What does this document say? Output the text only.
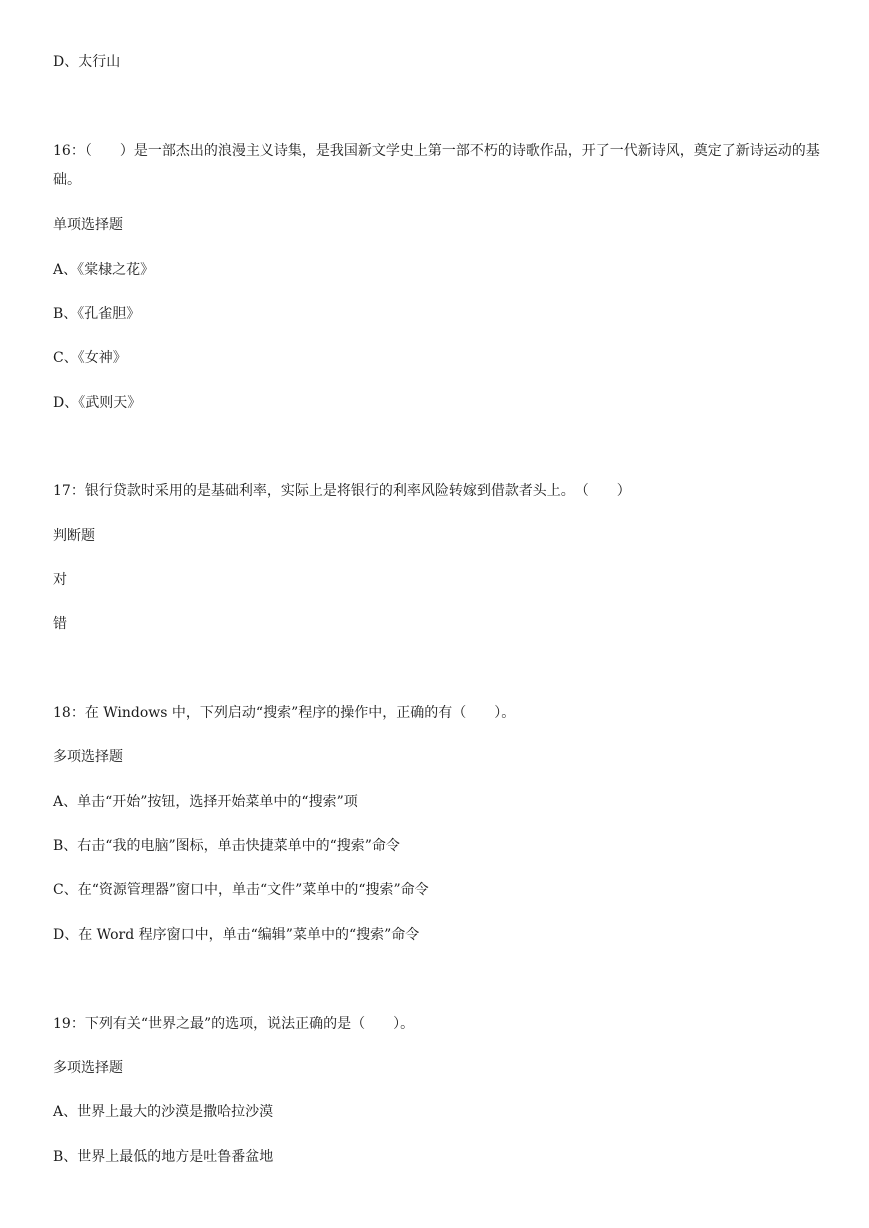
D、太行山
16：（　　）是一部杰出的浪漫主义诗集，是我国新文学史上第一部不朽的诗歌作品，开了一代新诗风，奠定了新诗运动的基础。
单项选择题
A、《棠棣之花》
B、《孔雀胆》
C、《女神》
D、《武则天》
17：银行贷款时采用的是基础利率，实际上是将银行的利率风险转嫁到借款者头上。　（　　）
判断题
对
错
18：在 Windows 中，下列启动“搜索”程序的操作中，正确的有（　　）。
多项选择题
A、单击“开始”按钮，选择开始菜单中的“搜索”项
B、右击“我的电脑”图标，单击快捷菜单中的“搜索”命令
C、在“资源管理器”窗口中，单击“文件”菜单中的“搜索”命令
D、在 Word 程序窗口中，单击“编辑”菜单中的“搜索”命令
19：下列有关“世界之最”的选项，说法正确的是（　　）。
多项选择题
A、世界上最大的沙漠是撒哈拉沙漠
B、世界上最低的地方是吐鲁番盆地
